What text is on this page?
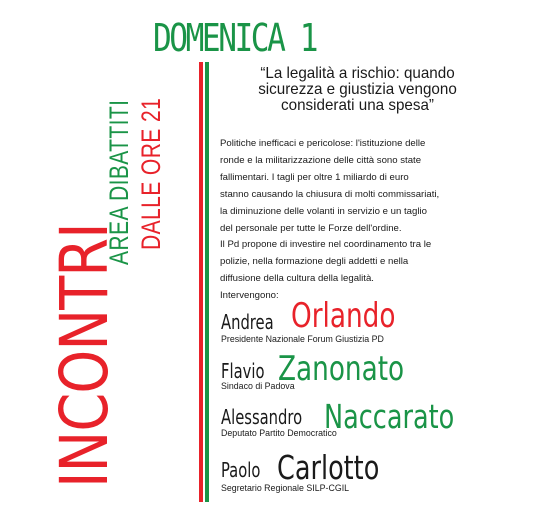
DOMENICA 1
INCONTRI
AREA DIBATTITI DALLE ORE 21
“La legalità a rischio: quando
sicurezza e giustizia vengono
considerati una spesa”
Politiche inefficaci e pericolose: l'istituzione delle
ronde e la militarizzazione delle città sono state
fallimentari. I tagli per oltre 1 miliardo di euro
stanno causando la chiusura di molti commissariati,
la diminuzione delle volanti in servizio e un taglio
del personale per tutte le Forze dell'ordine.
Il Pd propone di investire nel coordinamento tra le
polizie, nella formazione degli addetti e nella
diffusione della cultura della legalità.
Intervengono:
Andrea Orlando
Presidente Nazionale Forum Giustizia PD
Flavio Zanonato
Sindaco di Padova
Alessandro Naccarato
Deputato Partito Democratico
Paolo Carlotto
Segretario Regionale SILP-CGIL
